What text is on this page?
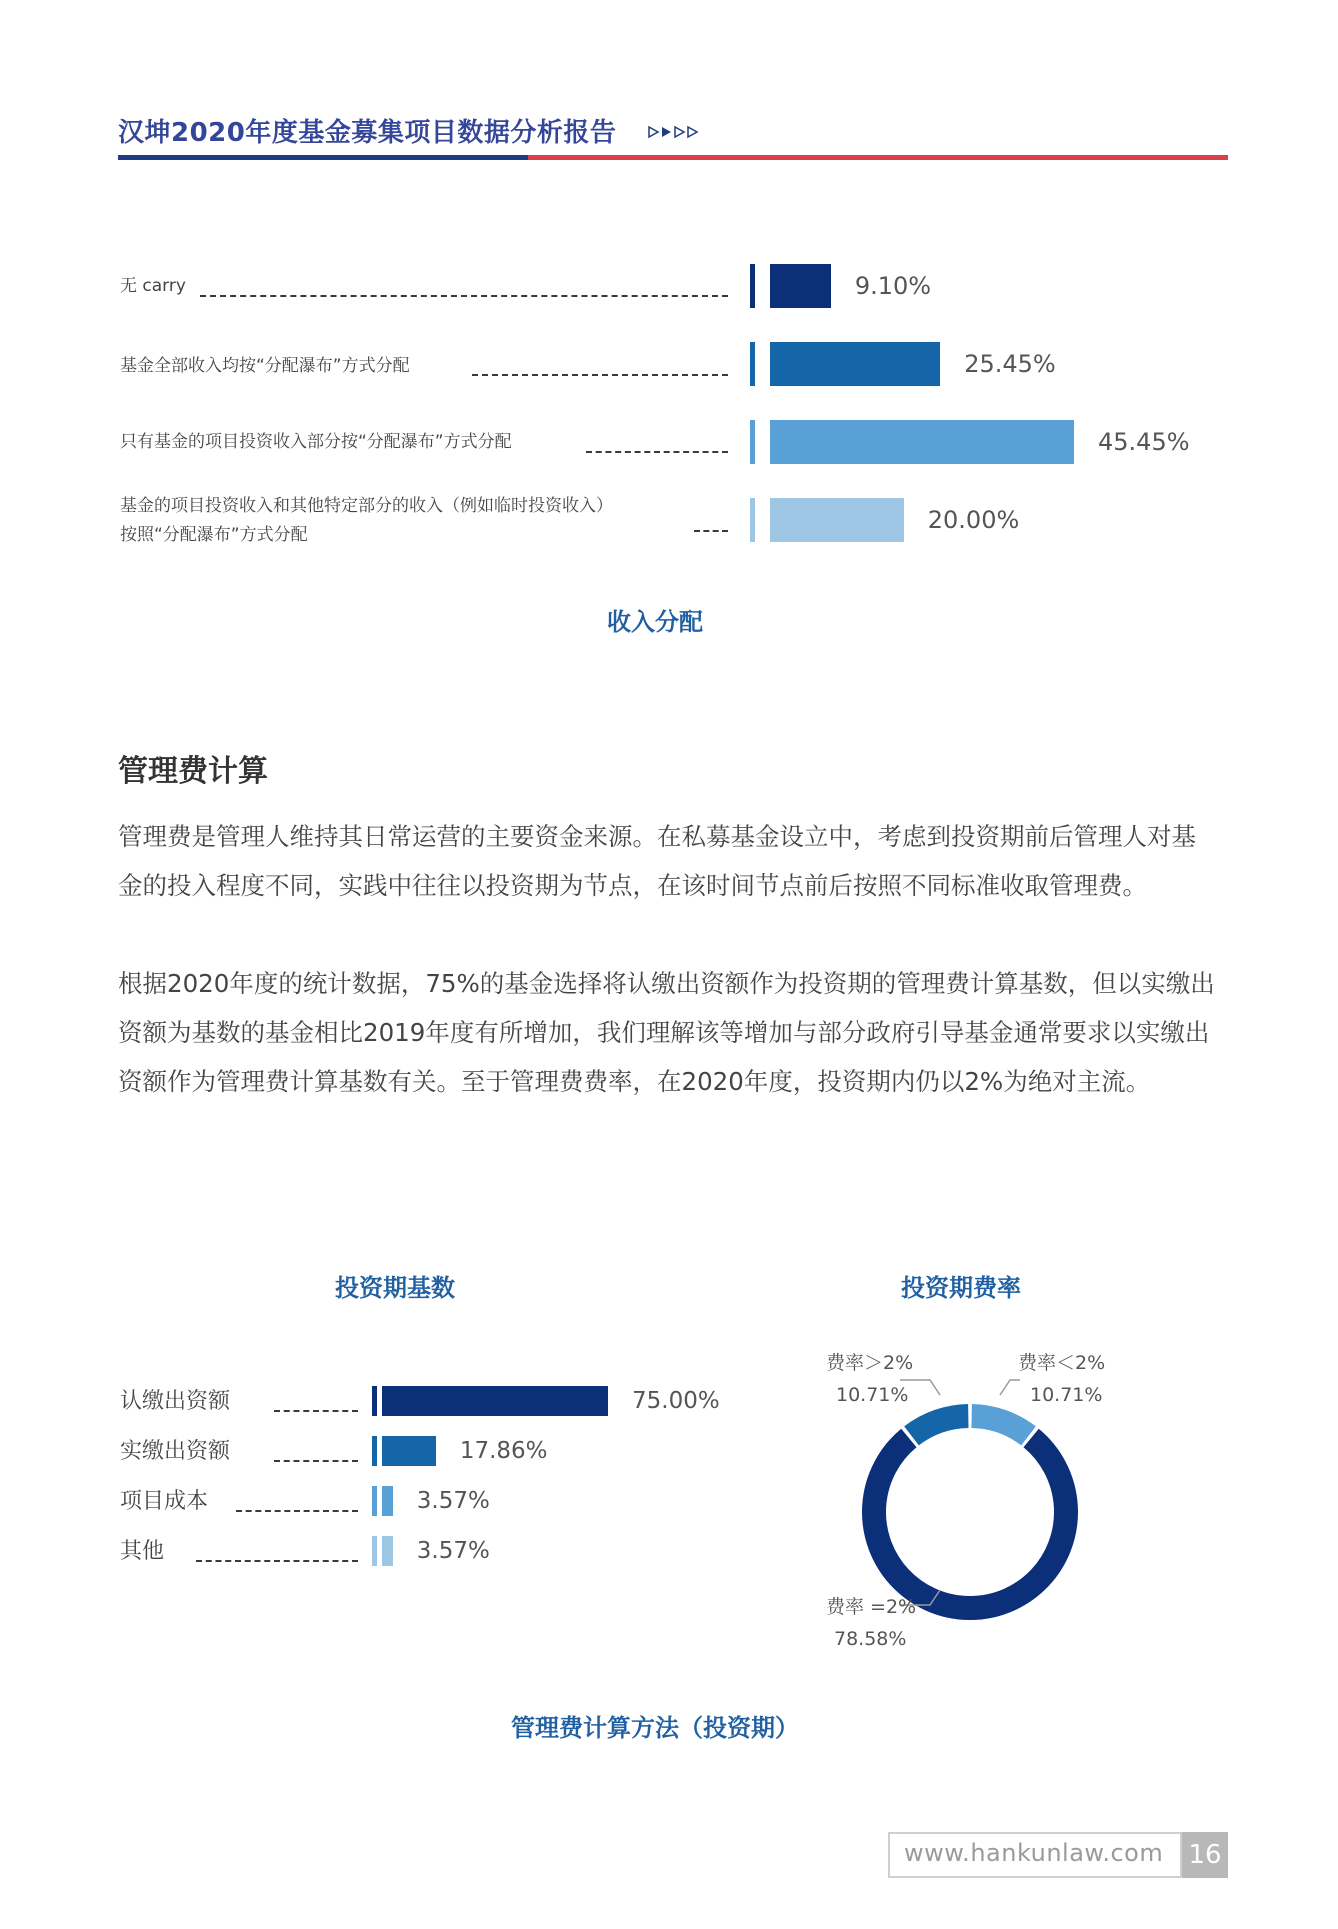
汉坤2020年度基金募集项目数据分析报告
无 carry	9.10%
基金全部收入均按“分配瀑布”方式分配	25.45%
只有基金的项目投资收入部分按“分配瀑布”方式分配	45.45%
基金的项目投资收入和其他特定部分的收入（例如临时投资收入）
按照“分配瀑布”方式分配
20.00%
收入分配
管理费计算
管理费是管理人维持其日常运营的主要资金来源。在私募基金设立中，考虑到投资期前后管理人对基金的投入程度不同，实践中往往以投资期为节点，在该时间节点前后按照不同标准收取管理费。
根据2020年度的统计数据，75%的基金选择将认缴出资额作为投资期的管理费计算基数，但以实缴出资额为基数的基金相比2019年度有所增加，我们理解该等增加与部分政府引导基金通常要求以实缴出资额作为管理费计算基数有关。至于管理费费率，在2020年度，投资期内仍以2%为绝对主流。
投资期基数
认缴出资额	75.00%
实缴出资额	17.86%
项目成本	3.57%
其他	3.57%
投资期费率
费率＞2%
10.71%
费率＜2%
10.71%
费率 =2%
78.58%
管理费计算方法（投资期）
www.hankunlaw.com 16
